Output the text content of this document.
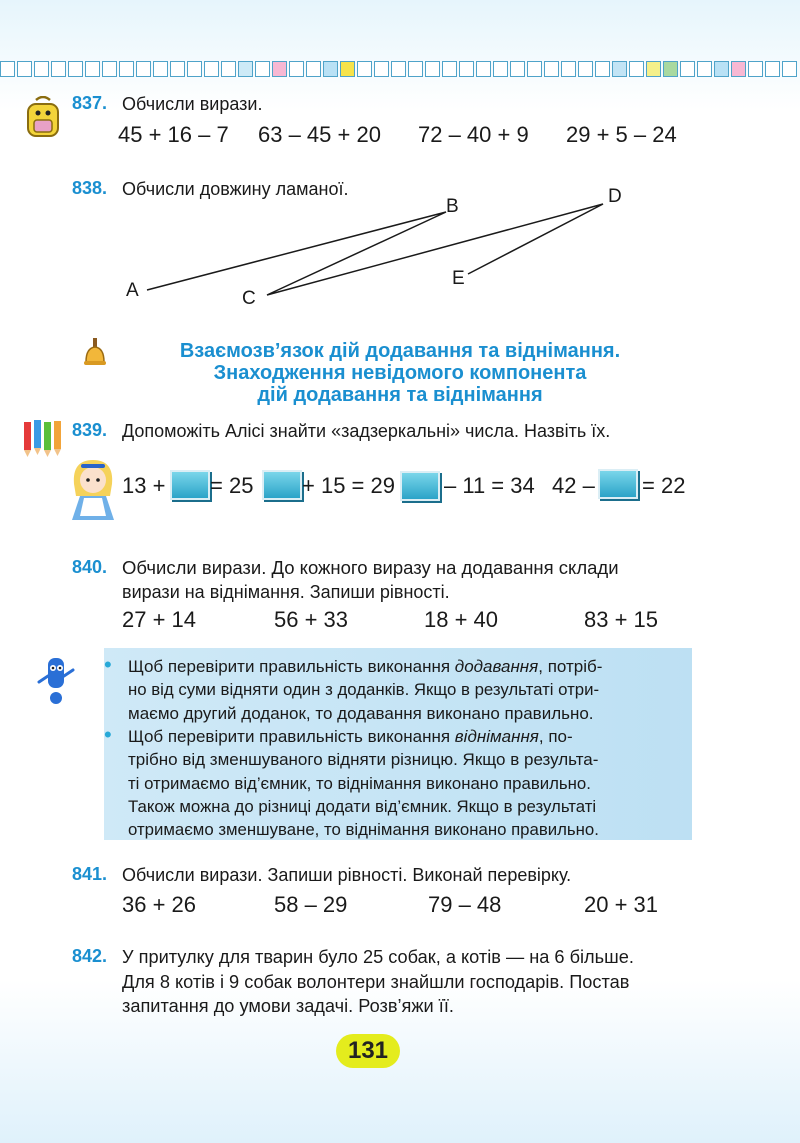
837. Обчисли вирази.
45 + 16 – 7 63 – 45 + 20 72 – 40 + 9 29 + 5 – 24
838. Обчисли довжину ламаної.
A
B
C
D
E
Взаємозв’язок дій додавання та віднімання.
Знаходження невідомого компонента
дій додавання та віднімання
839. Допоможіть Алісі знайти «задзеркальні» числа. Назвіть їх.
13 + = 25 + 15 = 29 – 11 = 34 42 – = 22
840. Обчисли вирази. До кожного виразу на додавання склади
вирази на віднімання. Запиши рівності.
27 + 14	56 + 33	18 + 40	83 + 15
• Щоб перевірити правильність виконання додавання, потріб-

но від суми відняти один з доданків. Якщо в результаті отри-

маємо другий доданок, то додавання виконано правильно.

• Щоб перевірити правильність виконання віднімання, по-

трібно від зменшуваного відняти різницю. Якщо в результа-

ті отримаємо від’ємник, то віднімання виконано правильно.

Також можна до різниці додати від’ємник. Якщо в результаті

отримаємо зменшуване, то віднімання виконано правильно.

841. Обчисли вирази. Запиши рівності. Виконай перевірку.
36 + 26	58 – 29	79 – 48	20 + 31
842. У притулку для тварин було 25 собак, а котів — на 6 більше.
Для 8 котів і 9 собак волонтери знайшли господарів. Постав
запитання до умови задачі. Розв’яжи її.
131
